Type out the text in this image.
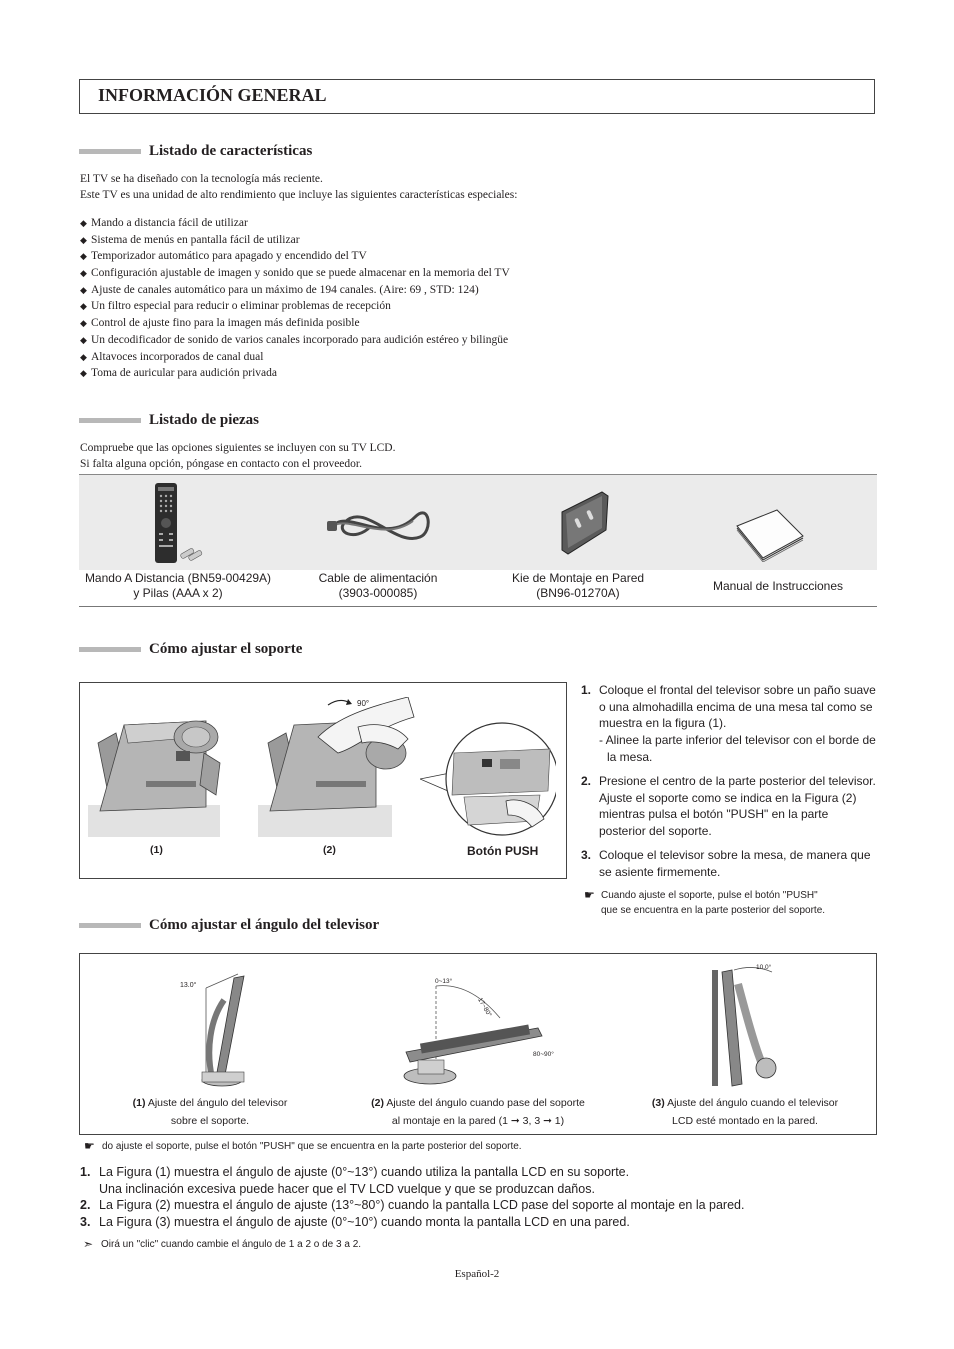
INFORMACIÓN GENERAL
Listado de características
El TV se ha diseñado con la tecnología más reciente.
Este TV es una unidad de alto rendimiento que incluye las siguientes características especiales:
◆ Mando a distancia fácil de utilizar
◆ Sistema de menús en pantalla fácil de utilizar
◆ Temporizador automático para apagado y encendido del TV
◆ Configuración ajustable de imagen y sonido que se puede almacenar en la memoria del TV
◆ Ajuste de canales automático para un máximo de 194 canales. (Aire: 69 , STD: 124)
◆ Un filtro especial para reducir o eliminar problemas de recepción
◆ Control de ajuste fino para la imagen más definida posible
◆ Un decodificador de sonido de varios canales incorporado para audición estéreo y bilingüe
◆ Altavoces incorporados de canal dual
◆ Toma de auricular para audición privada
Listado de piezas
Compruebe que las opciones siguientes se incluyen con su TV LCD.
Si falta alguna opción, póngase en contacto con el proveedor.
Mando A Distancia (BN59-00429A)
y Pilas (AAA x 2)
Cable de alimentación
(3903-000085)
Kie de Montaje en Pared
(BN96-01270A)	Manual de Instrucciones
Cómo ajustar el soporte
90°
(1)	(2)	Botón PUSH
1. Coloque el frontal del televisor sobre un paño suave o una almohadilla encima de una mesa tal como se muestra en la figura (1).
- Alinee la parte inferior del televisor con el borde de la mesa.
2. Presione el centro de la parte posterior del televisor. Ajuste el soporte como se indica en la Figura (2) mientras pulsa el botón "PUSH" en la parte posterior del soporte.
3. Coloque el televisor sobre la mesa, de manera que se asiente firmemente.
☛ Cuando ajuste el soporte, pulse el botón "PUSH"
que se encuentra en la parte posterior del soporte.
Cómo ajustar el ángulo del televisor
13.0°
0~13°
17~80°
80~90°
10.0°
(1) Ajuste del ángulo del televisor
sobre el soporte.
(2) Ajuste del ángulo cuando pase del soporte
al montaje en la pared (1 ➞ 3, 3 ➞ 1)
(3) Ajuste del ángulo cuando el televisor
LCD esté montado en la pared.
☛ do ajuste el soporte, pulse el botón "PUSH" que se encuentra en la parte posterior del soporte.
1. La Figura (1) muestra el ángulo de ajuste (0°~13°) cuando utiliza la pantalla LCD en su soporte.
Una inclinación excesiva puede hacer que el TV LCD vuelque y que se produzcan daños.
2. La Figura (2) muestra el ángulo de ajuste (13°~80°) cuando la pantalla LCD pase del soporte al montaje en la pared.
3. La Figura (3) muestra el ángulo de ajuste (0°~10°) cuando monta la pantalla LCD en una pared.
➣ Oirá un "clic" cuando cambie el ángulo de 1 a 2 o de 3 a 2.
Español-2
